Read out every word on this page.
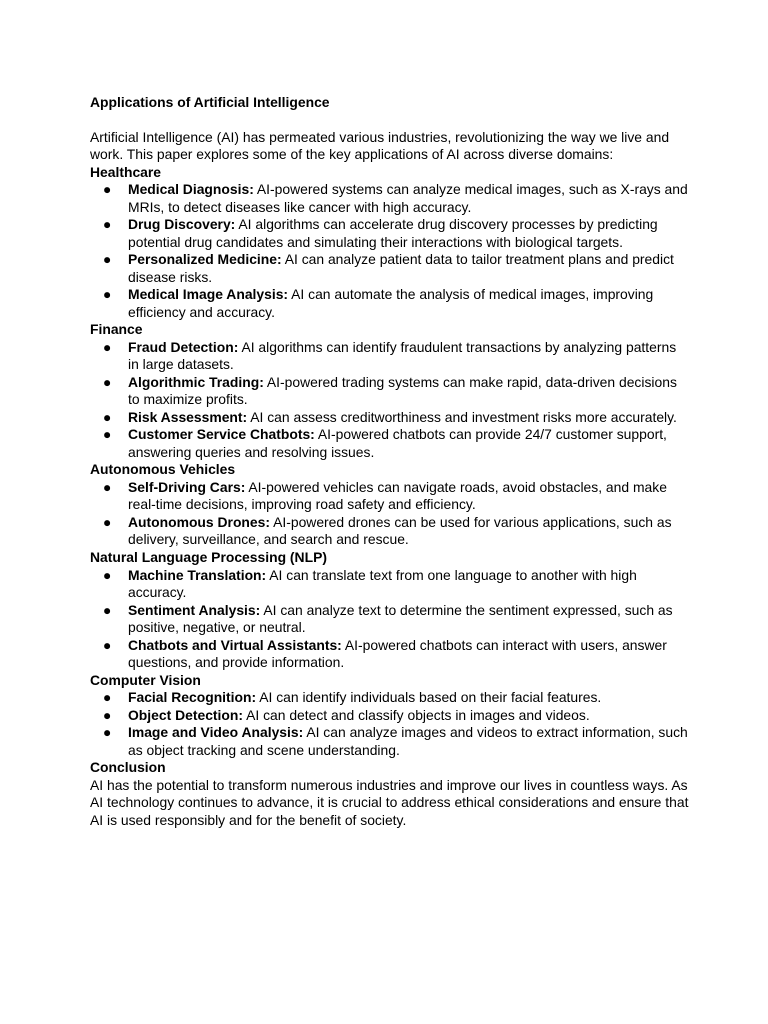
Applications of Artificial Intelligence

Artificial Intelligence (AI) has permeated various industries, revolutionizing the way we live and work. This paper explores some of the key applications of AI across diverse domains:

Healthcare

● Medical Diagnosis: AI-powered systems can analyze medical images, such as X-rays and MRIs, to detect diseases like cancer with high accuracy.
● Drug Discovery: AI algorithms can accelerate drug discovery processes by predicting potential drug candidates and simulating their interactions with biological targets.
● Personalized Medicine: AI can analyze patient data to tailor treatment plans and predict disease risks.
● Medical Image Analysis: AI can automate the analysis of medical images, improving efficiency and accuracy.

Finance

● Fraud Detection: AI algorithms can identify fraudulent transactions by analyzing patterns in large datasets.
● Algorithmic Trading: AI-powered trading systems can make rapid, data-driven decisions to maximize profits.
● Risk Assessment: AI can assess creditworthiness and investment risks more accurately.
● Customer Service Chatbots: AI-powered chatbots can provide 24/7 customer support, answering queries and resolving issues.

Autonomous Vehicles

● Self-Driving Cars: AI-powered vehicles can navigate roads, avoid obstacles, and make real-time decisions, improving road safety and efficiency.
● Autonomous Drones: AI-powered drones can be used for various applications, such as delivery, surveillance, and search and rescue.

Natural Language Processing (NLP)

● Machine Translation: AI can translate text from one language to another with high accuracy.
● Sentiment Analysis: AI can analyze text to determine the sentiment expressed, such as positive, negative, or neutral.
● Chatbots and Virtual Assistants: AI-powered chatbots can interact with users, answer questions, and provide information.

Computer Vision

● Facial Recognition: AI can identify individuals based on their facial features.
● Object Detection: AI can detect and classify objects in images and videos.
● Image and Video Analysis: AI can analyze images and videos to extract information, such as object tracking and scene understanding.

Conclusion

AI has the potential to transform numerous industries and improve our lives in countless ways. As AI technology continues to advance, it is crucial to address ethical considerations and ensure that AI is used responsibly and for the benefit of society.
